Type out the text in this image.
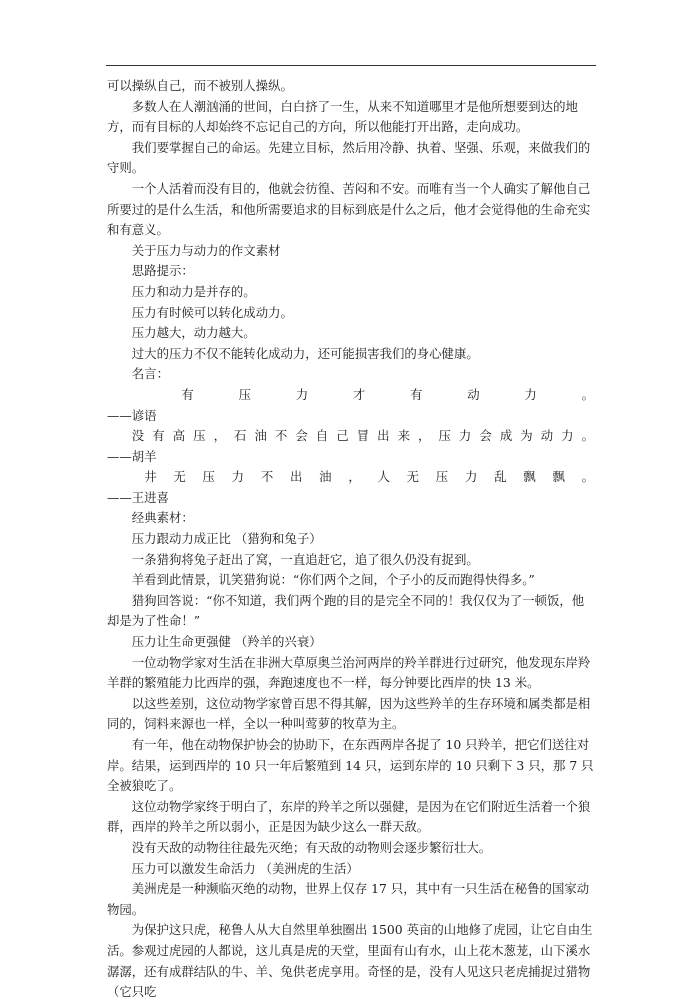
可以操纵自己，而不被别人操纵。

多数人在人潮汹涌的世间，白白挤了一生，从来不知道哪里才是他所想要到达的地方，而有目标的人却始终不忘记自己的方向，所以他能打开出路，走向成功。

我们要掌握自己的命运。先建立目标，然后用冷静、执着、坚强、乐观，来做我们的守则。

一个人活着而没有目的，他就会彷徨、苦闷和不安。而唯有当一个人确实了解他自己所要过的是什么生活，和他所需要追求的目标到底是什么之后，他才会觉得他的生命充实和有意义。

关于压力与动力的作文素材

思路提示：

压力和动力是并存的。

压力有时候可以转化成动力。

压力越大，动力越大。

过大的压力不仅不能转化成动力，还可能损害我们的身心健康。

名言：

有压力才有动力。

——谚语

没有高压，石油不会自己冒出来，压力会成为动力。

——胡羊

井无压力不出油，人无压力乱飘飘。

——王进喜

经典素材：

压力跟动力成正比 （猎狗和兔子）

一条猎狗将兔子赶出了窝，一直追赶它，追了很久仍没有捉到。

羊看到此情景，讥笑猎狗说：“你们两个之间，个子小的反而跑得快得多。”

猎狗回答说：“你不知道，我们两个跑的目的是完全不同的！我仅仅为了一顿饭，他却是为了性命！”

压力让生命更强健 （羚羊的兴衰）

一位动物学家对生活在非洲大草原奥兰治河两岸的羚羊群进行过研究，他发现东岸羚羊群的繁殖能力比西岸的强，奔跑速度也不一样，每分钟要比西岸的快 13 米。

以这些差别，这位动物学家曾百思不得其解，因为这些羚羊的生存环境和属类都是相同的，饲料来源也一样，全以一种叫莺萝的牧草为主。

有一年，他在动物保护协会的协助下，在东西两岸各捉了 10 只羚羊，把它们送往对岸。结果，运到西岸的 10 只一年后繁殖到 14 只，运到东岸的 10 只剩下 3 只，那 7 只全被狼吃了。

这位动物学家终于明白了，东岸的羚羊之所以强健，是因为在它们附近生活着一个狼群，西岸的羚羊之所以弱小，正是因为缺少这么一群天敌。

没有天敌的动物往往最先灭绝；有天敌的动物则会逐步繁衍壮大。

压力可以激发生命活力 （美洲虎的生活）

美洲虎是一种濒临灭绝的动物，世界上仅存 17 只，其中有一只生活在秘鲁的国家动物园。

为保护这只虎，秘鲁人从大自然里单独圈出 1500 英亩的山地修了虎园，让它自由生活。参观过虎园的人都说，这儿真是虎的天堂，里面有山有水，山上花木葱茏，山下溪水潺潺，还有成群结队的牛、羊、兔供老虎享用。奇怪的是，没有人见这只老虎捕捉过猎物（它只吃
